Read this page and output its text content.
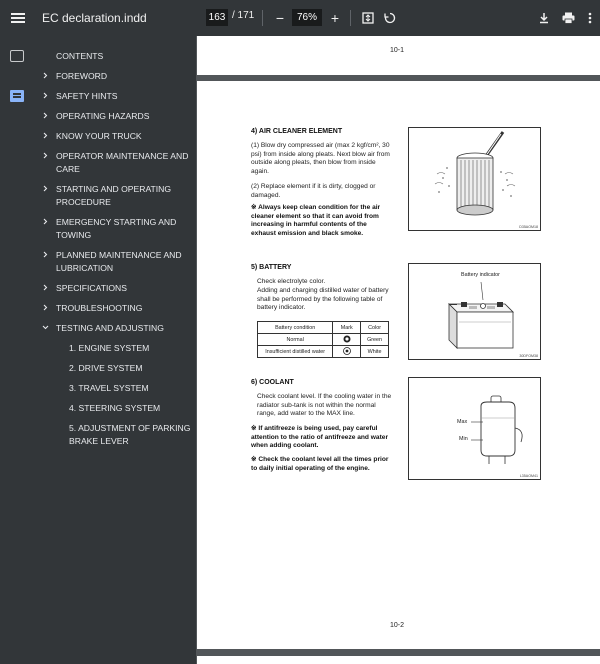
EC declaration.indd	163 / 171	−	76% +
CONTENTS
FOREWORD
SAFETY HINTS
OPERATING HAZARDS
KNOW YOUR TRUCK
OPERATOR MAINTENANCE AND CARE
STARTING AND OPERATING PROCEDURE
EMERGENCY STARTING AND TOWING
PLANNED MAINTENANCE AND LUBRICATION
SPECIFICATIONS
TROUBLESHOOTING
TESTING AND ADJUSTING
1. ENGINE SYSTEM
2. DRIVE SYSTEM
3. TRAVEL SYSTEM
4. STEERING SYSTEM
5. ADJUSTMENT OF PARKING BRAKE LEVER
10-1
4) AIR CLEANER ELEMENT
(1) Blow dry compressed air (max 2 kgf/cm², 30 psi) from inside along pleats. Next blow air from outside along pleats, then blow from inside again.
(2) Replace element if it is dirty, clogged or damaged.
※ Always keep clean condition for the air cleaner element so that it can avoid from increasing in harmful contents of the exhaust emission and black smoke.
D35AOM18
5) BATTERY
Check electrolyte color.
Adding and charging distilled water of battery shall be performed by the following table of battery indicator.
Battery condition	Mark	Color
Normal		Green
Insufficient distilled water		White
Battery indicator
30DFOM38
6) COOLANT
Check coolant level. If the cooling water in the radiator sub-tank is not within the normal range, add water to the MAX line.
※ If antifreeze is being used, pay careful attention to the ratio of antifreeze and water when adding coolant.
※ Check the coolant level all the times prior to daily initial operating of the engine.
Max
Min
L35AOM41
10-2
